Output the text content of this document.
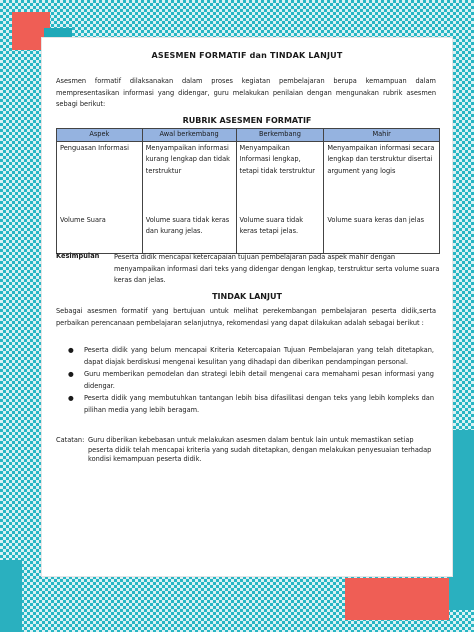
ASESMEN FORMATIF dan TINDAK LANJUT
Asesmen formatif dilaksanakan dalam proses kegiatan pembelajaran berupa kemampuan dalam mempresentasikan informasi yang didengar, guru melakukan penilaian dengan mengunakan rubrik asesmen sebagi berikut:
RUBRIK ASESMEN FORMATIF
Aspek	Awal berkembang	Berkembang	Mahir
Penguasan Informasi	Menyampaikan informasi kurang lengkap dan tidak terstruktur	Menyampaikan Informasi lengkap, tetapi tidak terstruktur	Menyampaikan informasi secara lengkap dan terstruktur disertai argument yang logis
Volume Suara	Volume suara tidak keras dan kurang jelas.	Volume suara tidak keras tetapi jelas.	Volume suara keras dan jelas
Kesimpulan Peserta didik mencapai ketercapaian tujuan pembelajaran pada aspek mahir dengan menyampaikan informasi dari teks yang didengar dengan lengkap, terstruktur serta volume suara keras dan jelas.
TINDAK LANJUT
Sebagai asesmen formatif yang bertujuan untuk melihat perekembangan pembelajaran peserta didik,serta perbaikan perencanaan pembelajaran selanjutnya, rekomendasi yang dapat dilakukan adalah sebagai berikut :
● Peserta didik yang belum mencapai Kriteria Ketercapaian Tujuan Pembelajaran yang telah ditetapkan, dapat diajak berdiskusi mengenai kesulitan yang dihadapi dan diberikan pendampingan personal.
● Guru memberikan pemodelan dan strategi lebih detail mengenai cara memahami pesan informasi yang didengar.
● Peserta didik yang membutuhkan tantangan lebih bisa difasilitasi dengan teks yang lebih kompleks dan pilihan media yang lebih beragam.
Catatan: Guru diberikan kebebasan untuk melakukan asesmen dalam bentuk lain untuk memastikan setiap peserta didik telah mencapai kriteria yang sudah ditetapkan, dengan melakukan penyesuaian terhadap kondisi kemampuan peserta didik.
